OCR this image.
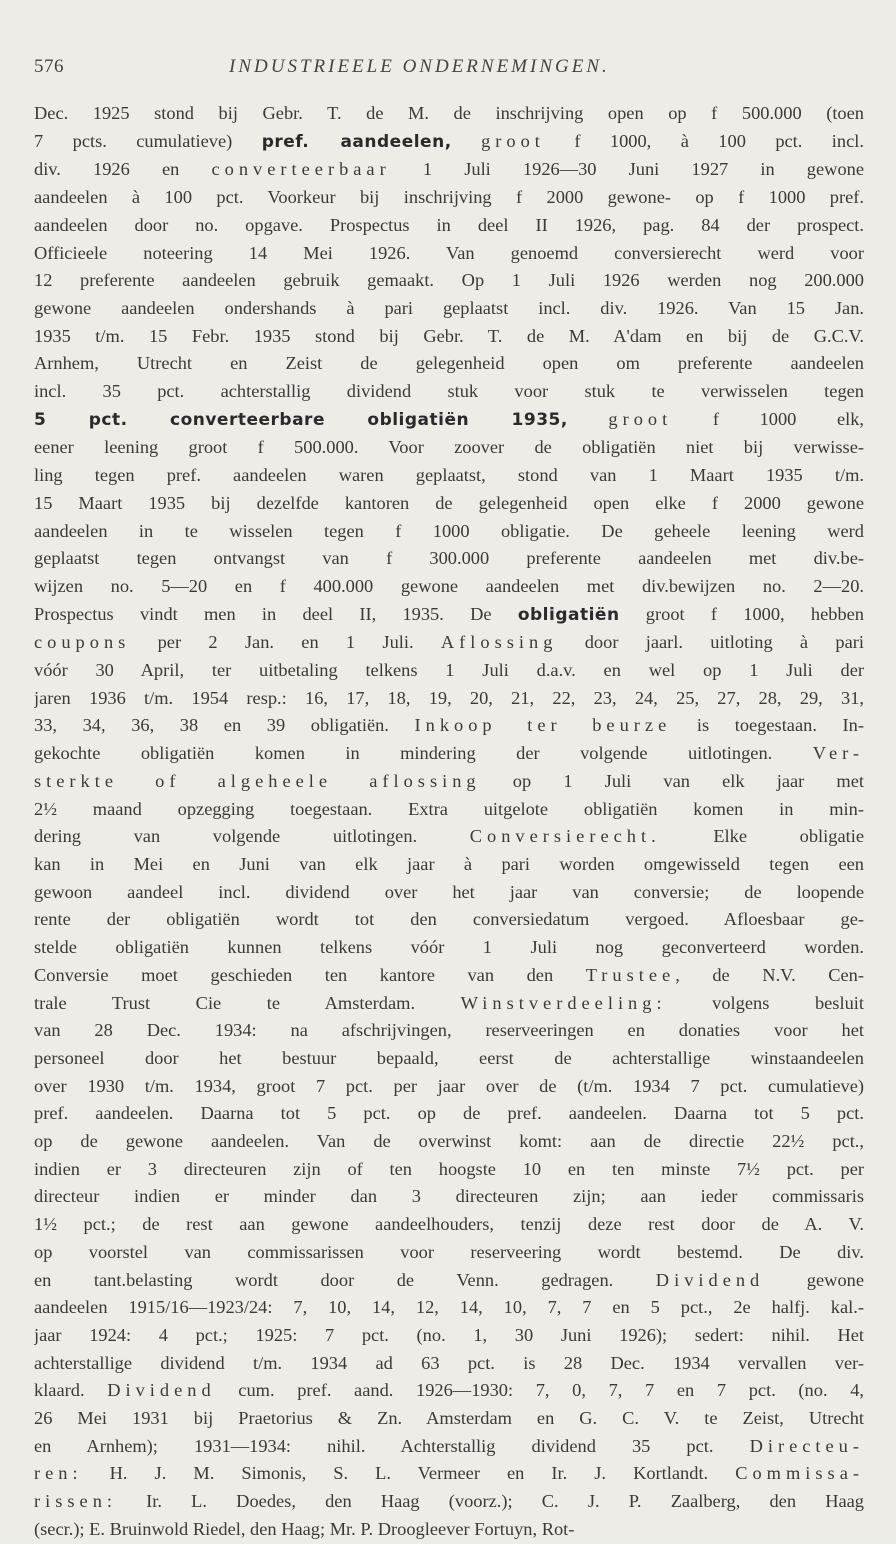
576	INDUSTRIEELE ONDERNEMINGEN.
Dec. 1925 stond bij Gebr. T. de M. de inschrijving open op f 500.000 (toen
7 pcts. cumulatieve) pref. aandeelen, groot f 1000, à 100 pct. incl.
div. 1926 en converteerbaar 1 Juli 1926—30 Juni 1927 in gewone
aandeelen à 100 pct. Voorkeur bij inschrijving f 2000 gewone- op f 1000 pref.
aandeelen door no. opgave. Prospectus in deel II 1926, pag. 84 der prospect.
Officieele noteering 14 Mei 1926. Van genoemd conversierecht werd voor
12 preferente aandeelen gebruik gemaakt. Op 1 Juli 1926 werden nog 200.000
gewone aandeelen ondershands à pari geplaatst incl. div. 1926. Van 15 Jan.
1935 t/m. 15 Febr. 1935 stond bij Gebr. T. de M. A'dam en bij de G.C.V.
Arnhem, Utrecht en Zeist de gelegenheid open om preferente aandeelen
incl. 35 pct. achterstallig dividend stuk voor stuk te verwisselen tegen
5 pct. converteerbare obligatiën 1935, groot f 1000 elk,
eener leening groot f 500.000. Voor zoover de obligatiën niet bij verwisse-
ling tegen pref. aandeelen waren geplaatst, stond van 1 Maart 1935 t/m.
15 Maart 1935 bij dezelfde kantoren de gelegenheid open elke f 2000 gewone
aandeelen in te wisselen tegen f 1000 obligatie. De geheele leening werd
geplaatst tegen ontvangst van f 300.000 preferente aandeelen met div.be-
wijzen no. 5—20 en f 400.000 gewone aandeelen met div.bewijzen no. 2—20.
Prospectus vindt men in deel II, 1935. De obligatiën groot f 1000, hebben
coupons per 2 Jan. en 1 Juli. Aflossing door jaarl. uitloting à pari
vóór 30 April, ter uitbetaling telkens 1 Juli d.a.v. en wel op 1 Juli der
jaren 1936 t/m. 1954 resp.: 16, 17, 18, 19, 20, 21, 22, 23, 24, 25, 27, 28, 29, 31,
33, 34, 36, 38 en 39 obligatiën. Inkoop ter beurze is toegestaan. In-
gekochte obligatiën komen in mindering der volgende uitlotingen. Ver-
sterkte of algeheele aflossing op 1 Juli van elk jaar met
2½ maand opzegging toegestaan. Extra uitgelote obligatiën komen in min-
dering van volgende uitlotingen. Conversierecht. Elke obligatie
kan in Mei en Juni van elk jaar à pari worden omgewisseld tegen een
gewoon aandeel incl. dividend over het jaar van conversie; de loopende
rente der obligatiën wordt tot den conversiedatum vergoed. Afloesbaar ge-
stelde obligatiën kunnen telkens vóór 1 Juli nog geconverteerd worden.
Conversie moet geschieden ten kantore van den Trustee, de N.V. Cen-
trale Trust Cie te Amsterdam. Winstverdeeling: volgens besluit
van 28 Dec. 1934: na afschrijvingen, reserveeringen en donaties voor het
personeel door het bestuur bepaald, eerst de achterstallige winstaandeelen
over 1930 t/m. 1934, groot 7 pct. per jaar over de (t/m. 1934 7 pct. cumulatieve)
pref. aandeelen. Daarna tot 5 pct. op de pref. aandeelen. Daarna tot 5 pct.
op de gewone aandeelen. Van de overwinst komt: aan de directie 22½ pct.,
indien er 3 directeuren zijn of ten hoogste 10 en ten minste 7½ pct. per
directeur indien er minder dan 3 directeuren zijn; aan ieder commissaris
1½ pct.; de rest aan gewone aandeelhouders, tenzij deze rest door de A. V.
op voorstel van commissarissen voor reserveering wordt bestemd. De div.
en tant.belasting wordt door de Venn. gedragen. Dividend gewone
aandeelen 1915/16—1923/24: 7, 10, 14, 12, 14, 10, 7, 7 en 5 pct., 2e halfj. kal.-
jaar 1924: 4 pct.; 1925: 7 pct. (no. 1, 30 Juni 1926); sedert: nihil. Het
achterstallige dividend t/m. 1934 ad 63 pct. is 28 Dec. 1934 vervallen ver-
klaard. Dividend cum. pref. aand. 1926—1930: 7, 0, 7, 7 en 7 pct. (no. 4,
26 Mei 1931 bij Praetorius & Zn. Amsterdam en G. C. V. te Zeist, Utrecht
en Arnhem); 1931—1934: nihil. Achterstallig dividend 35 pct. Directeu-
ren: H. J. M. Simonis, S. L. Vermeer en Ir. J. Kortlandt. Commissa-
rissen: Ir. L. Doedes, den Haag (voorz.); C. J. P. Zaalberg, den Haag
(secr.); E. Bruinwold Riedel, den Haag; Mr. P. Droogleever Fortuyn, Rot-
